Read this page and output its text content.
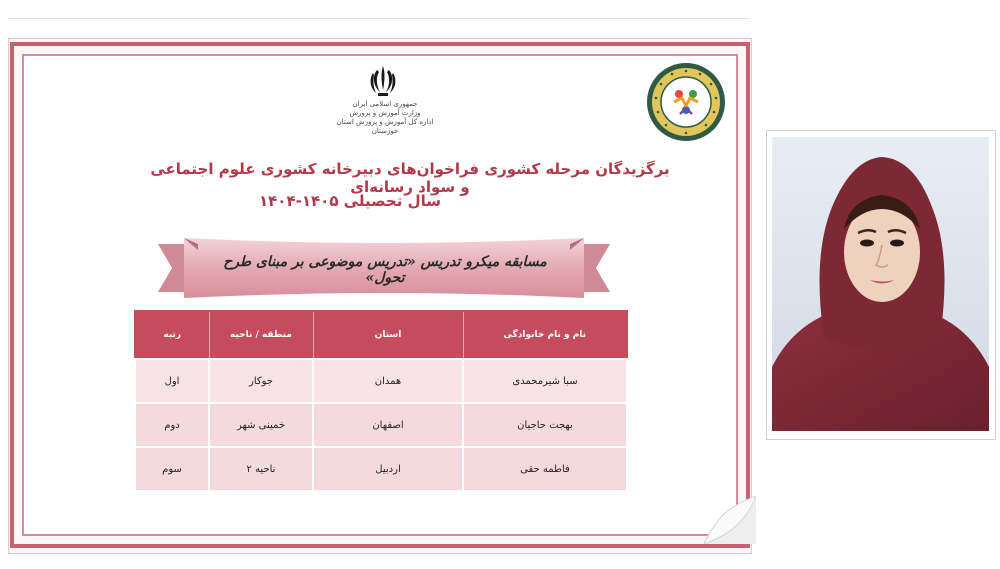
جمهوری اسلامی ایران
وزارت آموزش و پرورش
اداره کل آموزش و پرورش استان خوزستان
برگزیدگان مرحله کشوری فراخوان‌های دبیرخانه کشوری علوم اجتماعی و سواد رسانه‌ای
سال تحصیلی ۱۴۰۵-۱۴۰۴
مسابقه میکرو تدریس «تدریس موضوعی بر مبنای طرح تحول»
رتبه	منطقه / ناحیه	استان	نام و نام خانوادگی
اول	جوکار	همدان	سبا شیرمحمدی
دوم	خمینی شهر	اصفهان	بهجت حاجیان
سوم	ناحیه ۲	اردبیل	فاطمه حقی
